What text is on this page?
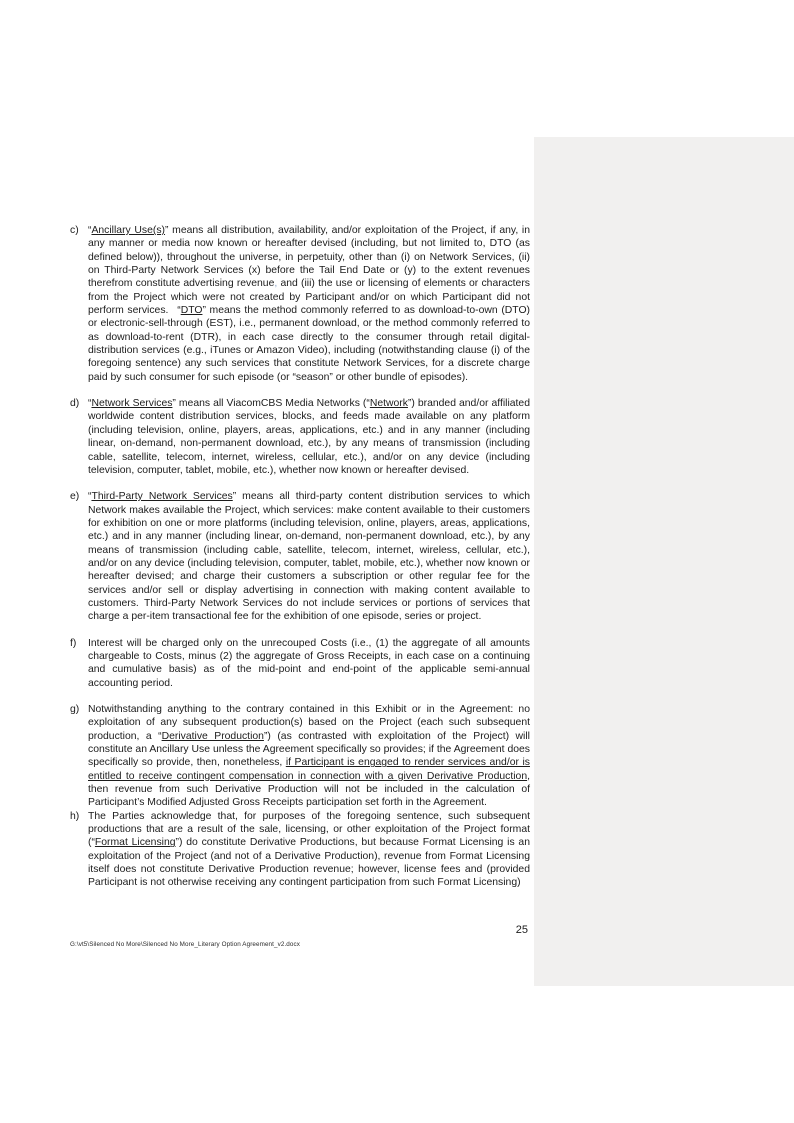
c) “Ancillary Use(s)” means all distribution, availability, and/or exploitation of the Project, if any, in any manner or media now known or hereafter devised (including, but not limited to, DTO (as defined below)), throughout the universe, in perpetuity, other than (i) on Network Services, (ii) on Third-Party Network Services (x) before the Tail End Date or (y) to the extent revenues therefrom constitute advertising revenue, and (iii) the use or licensing of elements or characters from the Project which were not created by Participant and/or on which Participant did not perform services.  “DTO” means the method commonly referred to as download-to-own (DTO) or electronic-sell-through (EST), i.e., permanent download, or the method commonly referred to as download-to-rent (DTR), in each case directly to the consumer through retail digital-distribution services (e.g., iTunes or Amazon Video), including (notwithstanding clause (i) of the foregoing sentence) any such services that constitute Network Services, for a discrete charge paid by such consumer for such episode (or “season” or other bundle of episodes).
d) “Network Services” means all ViacomCBS Media Networks (“Network”) branded and/or affiliated worldwide content distribution services, blocks, and feeds made available on any platform (including television, online, players, areas, applications, etc.) and in any manner (including linear, on-demand, non-permanent download, etc.), by any means of transmission (including cable, satellite, telecom, internet, wireless, cellular, etc.), and/or on any device (including television, computer, tablet, mobile, etc.), whether now known or hereafter devised.
e) “Third-Party Network Services” means all third-party content distribution services to which Network makes available the Project, which services: make content available to their customers for exhibition on one or more platforms (including television, online, players, areas, applications, etc.) and in any manner (including linear, on-demand, non-permanent download, etc.), by any means of transmission (including cable, satellite, telecom, internet, wireless, cellular, etc.), and/or on any device (including television, computer, tablet, mobile, etc.), whether now known or hereafter devised; and charge their customers a subscription or other regular fee for the services and/or sell or display advertising in connection with making content available to customers. Third-Party Network Services do not include services or portions of services that charge a per-item transactional fee for the exhibition of one episode, series or project.
f)	Interest will be charged only on the unrecouped Costs (i.e., (1) the aggregate of all amounts chargeable to Costs, minus (2) the aggregate of Gross Receipts, in each case on a continuing and cumulative basis) as of the mid-point and end-point of the applicable semi-annual accounting period.
g) Notwithstanding anything to the contrary contained in this Exhibit or in the Agreement: no exploitation of any subsequent production(s) based on the Project (each such subsequent production, a “Derivative Production”) (as contrasted with exploitation of the Project) will constitute an Ancillary Use unless the Agreement specifically so provides; if the Agreement does specifically so provide, then, nonetheless, if Participant is engaged to render services and/or is entitled to receive contingent compensation in connection with a given Derivative Production, then revenue from such Derivative Production will not be included in the calculation of Participant’s Modified Adjusted Gross Receipts participation set forth in the Agreement.
h) The Parties acknowledge that, for purposes of the foregoing sentence, such subsequent productions that are a result of the sale, licensing, or other exploitation of the Project format (“Format Licensing”) do constitute Derivative Productions, but because Format Licensing is an exploitation of the Project (and not of a Derivative Production), revenue from Format Licensing itself does not constitute Derivative Production revenue; however, license fees and (provided Participant is not otherwise receiving any contingent participation from such Format Licensing)
25
G:\vt5\Silenced No More\Silenced No More_Literary Option Agreement_v2.docx
